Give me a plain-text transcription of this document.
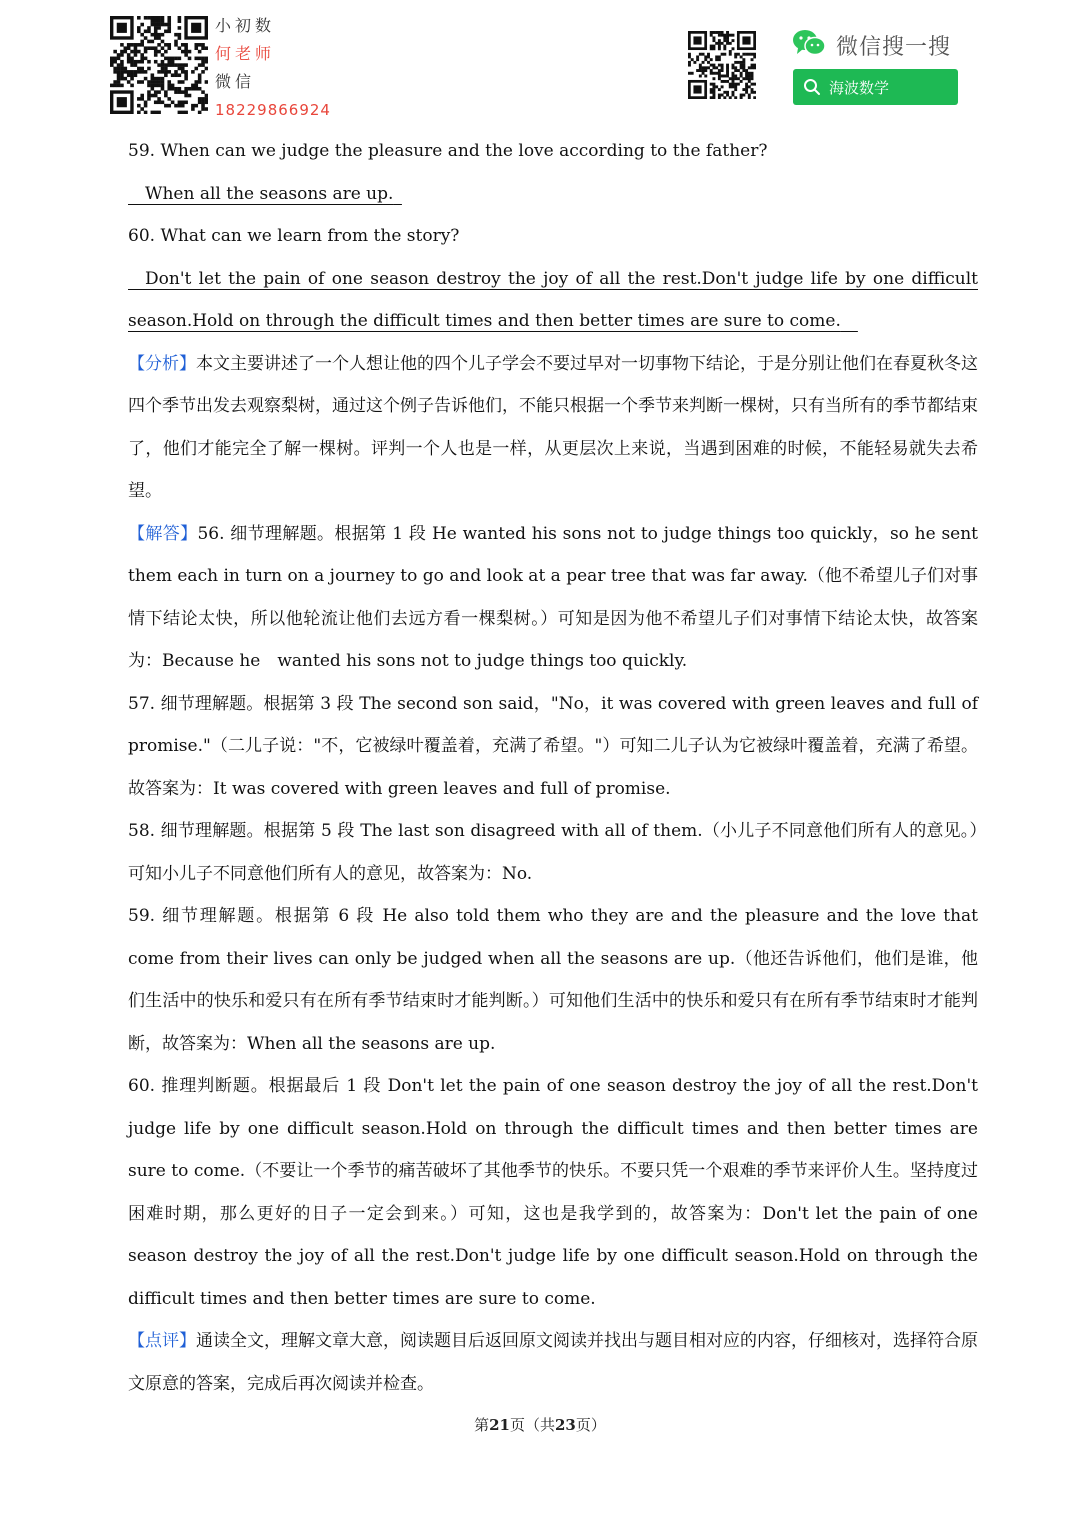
小初数
何老师
微信
18229866924
微信搜一搜
海波数学

59. When can we judge the pleasure and the love according to the father?

 When all the seasons are up. 

60. What can we learn from the story?

 Don't let the pain of one season destroy the joy of all the rest.Don't judge life by one difficult season.Hold on through the difficult times and then better times are sure to come. 

【分析】本文主要讲述了一个人想让他的四个儿子学会不要过早对一切事物下结论，于是分别让他们在春夏秋冬这四个季节出发去观察梨树，通过这个例子告诉他们，不能只根据一个季节来判断一棵树，只有当所有的季节都结束了，他们才能完全了解一棵树。评判一个人也是一样，从更层次上来说，当遇到困难的时候，不能轻易就失去希望。

【解答】56. 细节理解题。根据第 1 段 He wanted his sons not to judge things too quickly，so he sent them each in turn on a journey to go and look at a pear tree that was far away.（他不希望儿子们对事情下结论太快，所以他轮流让他们去远方看一棵梨树。）可知是因为他不希望儿子们对事情下结论太快，故答案为：Because he　wanted his sons not to judge things too quickly.

57. 细节理解题。根据第 3 段 The second son said，"No，it was covered with green leaves and full of promise."（二儿子说："不，它被绿叶覆盖着，充满了希望。"）可知二儿子认为它被绿叶覆盖着，充满了希望。故答案为：It was covered with green leaves and full of promise.

58. 细节理解题。根据第 5 段 The last son disagreed with all of them.（小儿子不同意他们所有人的意见。）可知小儿子不同意他们所有人的意见，故答案为：No.

59. 细节理解题。根据第 6 段 He also told them who they are and the pleasure and the love that come from their lives can only be judged when all the seasons are up.（他还告诉他们，他们是谁，他们生活中的快乐和爱只有在所有季节结束时才能判断。）可知他们生活中的快乐和爱只有在所有季节结束时才能判断，故答案为：When all the seasons are up.

60. 推理判断题。根据最后 1 段 Don't let the pain of one season destroy the joy of all the rest.Don't judge life by one difficult season.Hold on through the difficult times and then better times are sure to come.（不要让一个季节的痛苦破坏了其他季节的快乐。不要只凭一个艰难的季节来评价人生。坚持度过困难时期，那么更好的日子一定会到来。）可知，这也是我学到的，故答案为：Don't let the pain of one season destroy the joy of all the rest.Don't judge life by one difficult season.Hold on through the difficult times and then better times are sure to come.

【点评】通读全文，理解文章大意，阅读题目后返回原文阅读并找出与题目相对应的内容，仔细核对，选择符合原文原意的答案，完成后再次阅读并检查。

第21页（共23页）
